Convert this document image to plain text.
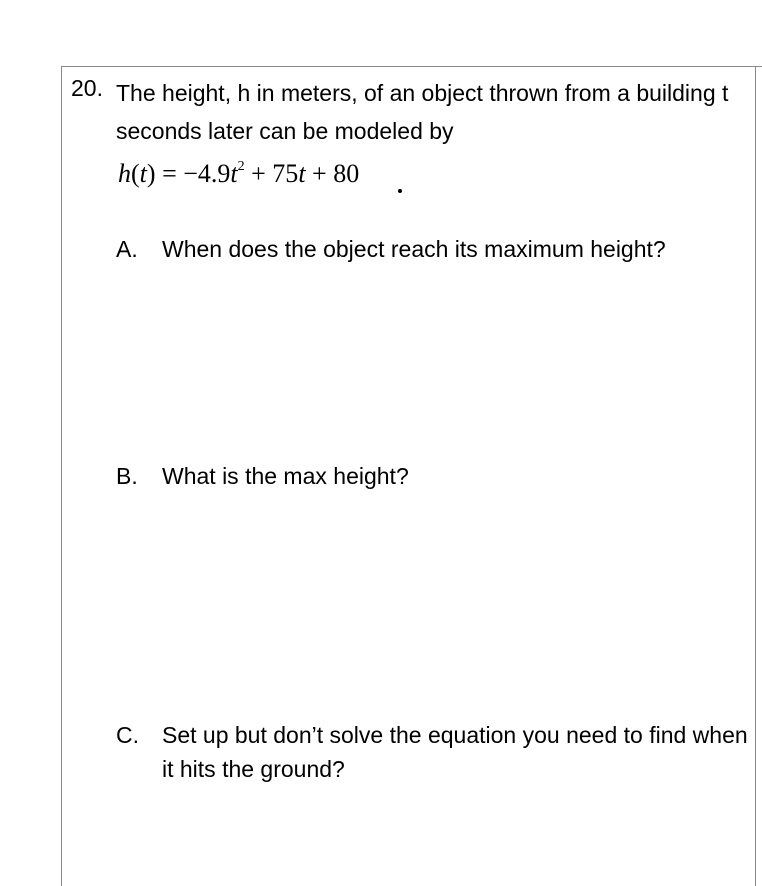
20. The height, h in meters, of an object thrown from a building t seconds later can be modeled by
$h(t) = -4.9t^2 + 75t + 80$
A. When does the object reach its maximum height?
B. What is the max height?
C. Set up but don’t solve the equation you need to find when it hits the ground?
